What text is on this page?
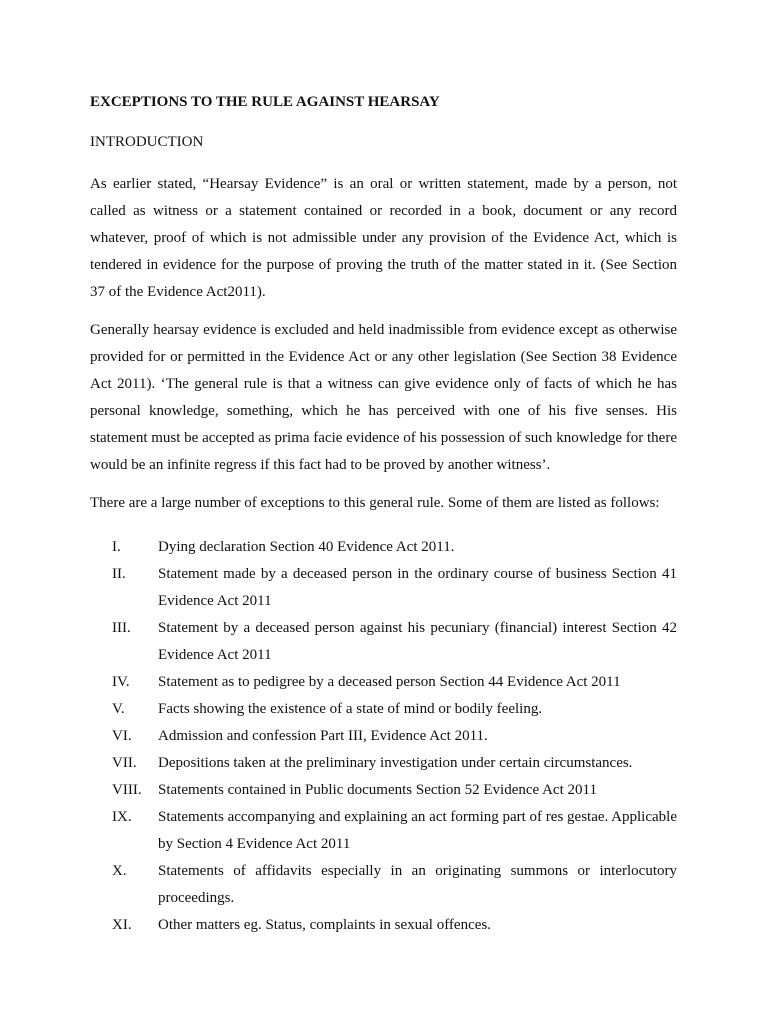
EXCEPTIONS TO THE RULE AGAINST HEARSAY

INTRODUCTION

As earlier stated, “Hearsay Evidence” is an oral or written statement, made by a person, not called as witness or a statement contained or recorded in a book, document or any record whatever, proof of which is not admissible under any provision of the Evidence Act, which is tendered in evidence for the purpose of proving the truth of the matter stated in it. (See Section 37 of the Evidence Act2011).

Generally hearsay evidence is excluded and held inadmissible from evidence except as otherwise provided for or permitted in the Evidence Act or any other legislation (See Section 38 Evidence Act 2011). ‘The general rule is that a witness can give evidence only of facts of which he has personal knowledge, something, which he has perceived with one of his five senses. His statement must be accepted as prima facie evidence of his possession of such knowledge for there would be an infinite regress if this fact had to be proved by another witness’.

There are a large number of exceptions to this general rule. Some of them are listed as follows:

I.	Dying declaration Section 40 Evidence Act 2011.
II.	Statement made by a deceased person in the ordinary course of business Section 41 Evidence Act 2011
III.	Statement by a deceased person against his pecuniary (financial) interest Section 42 Evidence Act 2011
IV.	Statement as to pedigree by a deceased person Section 44 Evidence Act 2011
V.	Facts showing the existence of a state of mind or bodily feeling.
VI.	Admission and confession Part III, Evidence Act 2011.
VII.	Depositions taken at the preliminary investigation under certain circumstances.
VIII.	Statements contained in Public documents Section 52 Evidence Act 2011
IX.	Statements accompanying and explaining an act forming part of res gestae. Applicable by Section 4 Evidence Act 2011
X.	Statements of affidavits especially in an originating summons or interlocutory proceedings.
XI.	Other matters eg. Status, complaints in sexual offences.
